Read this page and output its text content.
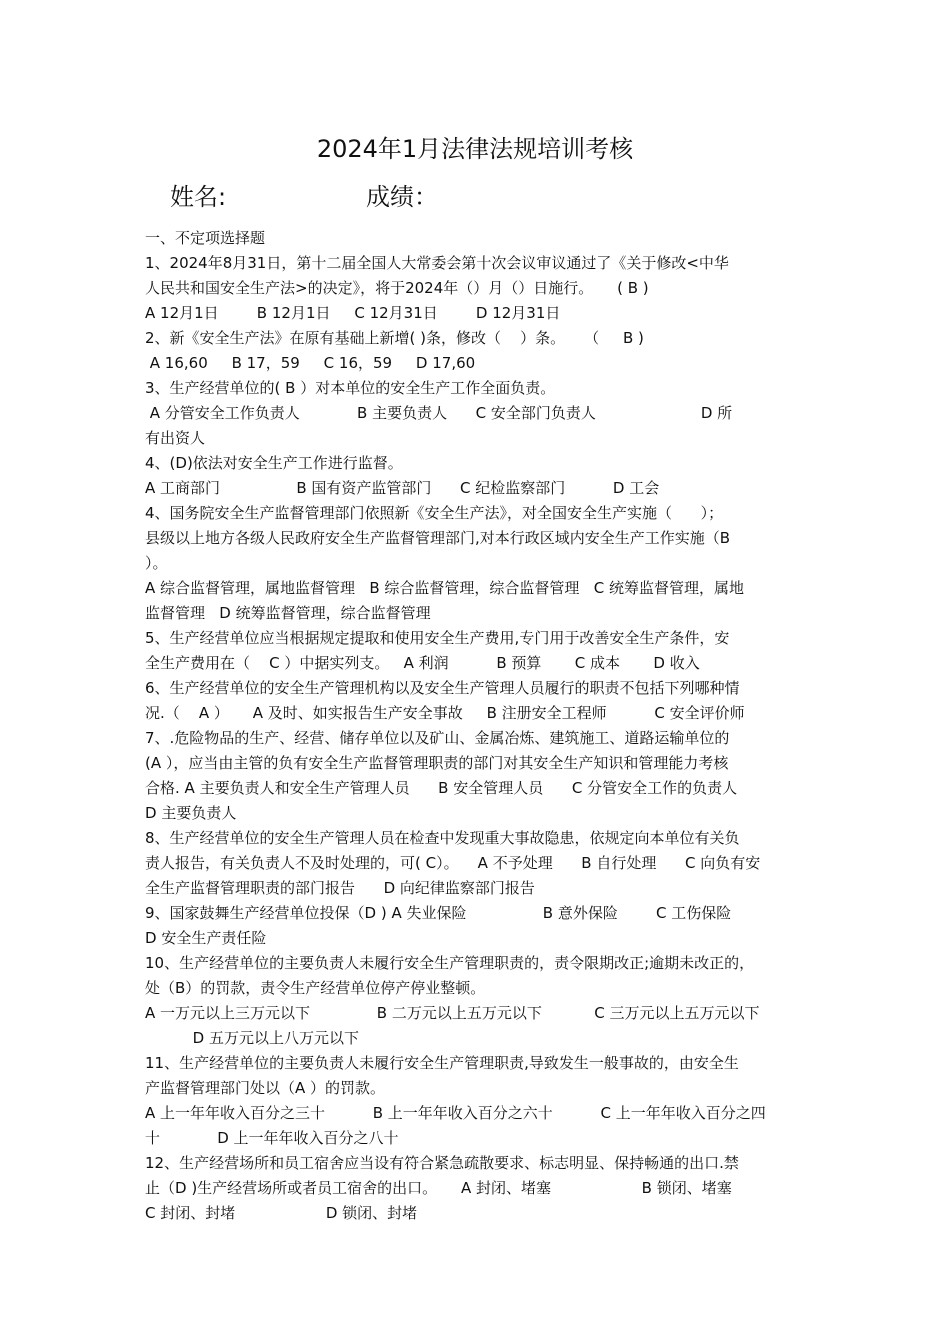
2024年1月法律法规培训考核
姓名:	成绩：
一、不定项选择题
1、2024年8月31日，第十二届全国人大常委会第十次会议审议通过了《关于修改<中华
人民共和国安全生产法>的决定》，将于2024年（）月（）日施行。     ( B )
A 12月1日        B 12月1日     C 12月31日        D 12月31日
2、新《安全生产法》在原有基础上新增( )条，修改（    ）条。    （     B )
A 16,60     B 17，59     C 16，59     D 17,60
3、生产经营单位的( B ）对本单位的安全生产工作全面负责。
A 分管安全工作负责人            B 主要负责人      C 安全部门负责人                      D 所
有出资人
4、(D)依法对安全生产工作进行监督。
A 工商部门                B 国有资产监管部门      C 纪检监察部门          D 工会
4、国务院安全生产监督管理部门依照新《安全生产法》，对全国安全生产实施（      ）；
县级以上地方各级人民政府安全生产监督管理部门,对本行政区域内安全生产工作实施（B
）。
A 综合监督管理，属地监督管理   B 综合监督管理，综合监督管理   C 统筹监督管理，属地
监督管理   D 统筹监督管理，综合监督管理
5、生产经营单位应当根据规定提取和使用安全生产费用,专门用于改善安全生产条件，安
全生产费用在（    C ）中据实列支。   A 利润          B 预算       C 成本       D 收入
6、生产经营单位的安全生产管理机构以及安全生产管理人员履行的职责不包括下列哪种情
况.（    A ）     A 及时、如实报告生产安全事故     B 注册安全工程师          C 安全评价师
7、.危险物品的生产、经营、储存单位以及矿山、金属冶炼、建筑施工、道路运输单位的
(A ），应当由主管的负有安全生产监督管理职责的部门对其安全生产知识和管理能力考核
合格. A 主要负责人和安全生产管理人员      B 安全管理人员      C 分管安全工作的负责人
D 主要负责人
8、生产经营单位的安全生产管理人员在检查中发现重大事故隐患，依规定向本单位有关负
责人报告，有关负责人不及时处理的，可( C）。    A 不予处理      B 自行处理      C 向负有安
全生产监督管理职责的部门报告      D 向纪律监察部门报告
9、国家鼓舞生产经营单位投保（D ) A 失业保险                B 意外保险        C 工伤保险
D 安全生产责任险
10、生产经营单位的主要负责人未履行安全生产管理职责的，责令限期改正;逾期未改正的，
处（B）的罚款，责令生产经营单位停产停业整顿。
A 一万元以上三万元以下              B 二万元以上五万元以下           C 三万元以上五万元以下
D 五万元以上八万元以下
11、生产经营单位的主要负责人未履行安全生产管理职责,导致发生一般事故的，由安全生
产监督管理部门处以（A ）的罚款。
A 上一年年收入百分之三十          B 上一年年收入百分之六十          C 上一年年收入百分之四
十            D 上一年年收入百分之八十
12、生产经营场所和员工宿舍应当设有符合紧急疏散要求、标志明显、保持畅通的出口.禁
止（D )生产经营场所或者员工宿舍的出口。     A 封闭、堵塞                   B 锁闭、堵塞
C 封闭、封堵                   D 锁闭、封堵
